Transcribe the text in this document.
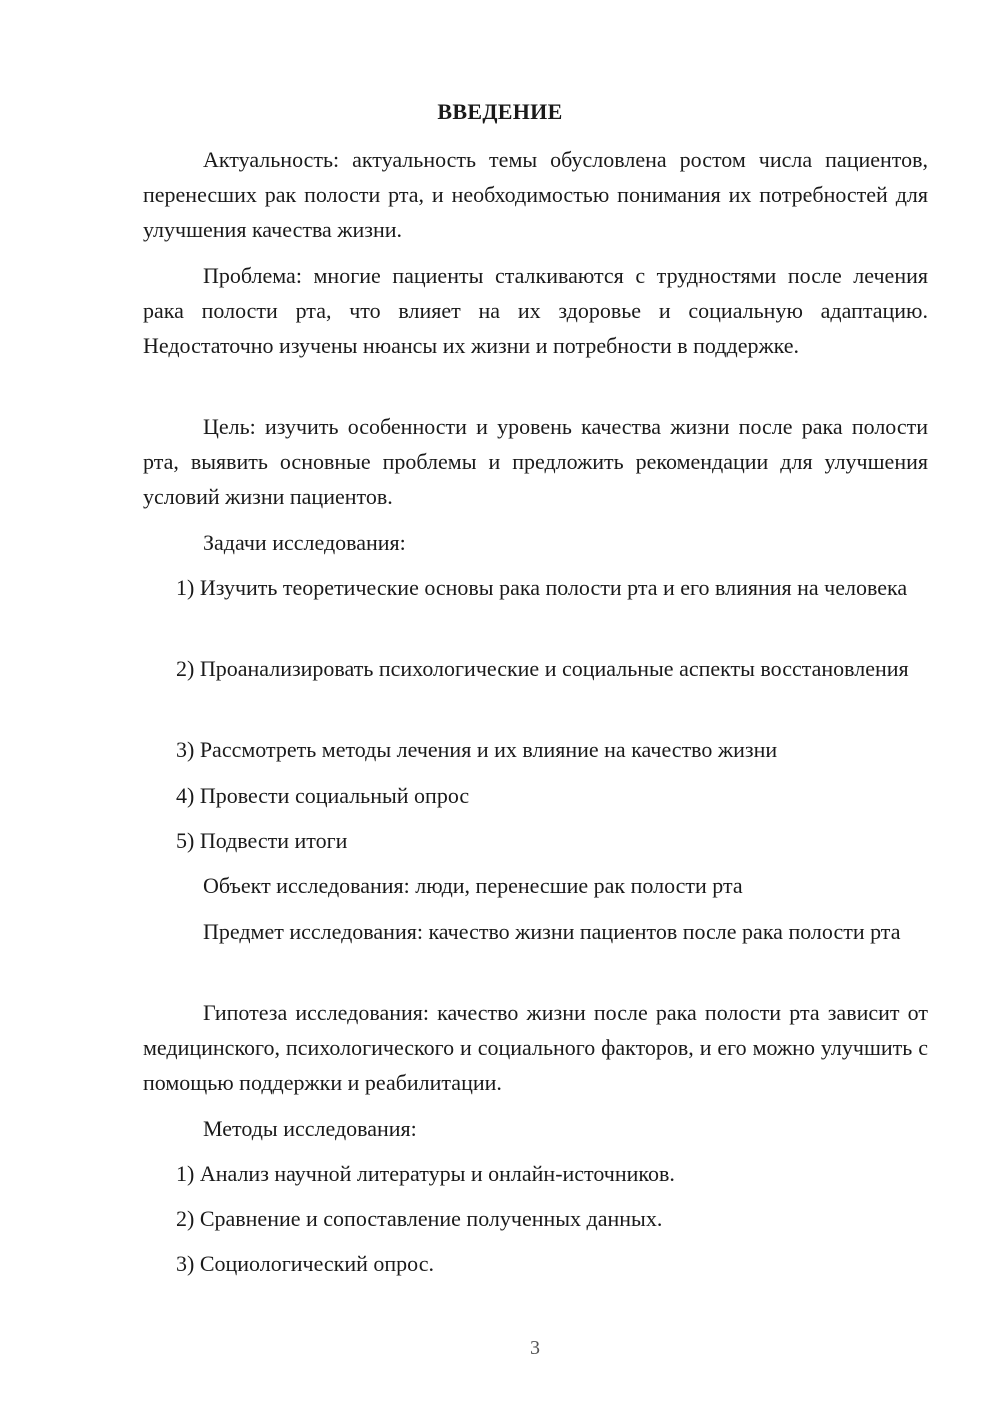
ВВЕДЕНИЕ

Актуальность: актуальность темы обусловлена ростом числа пациентов, перенесших рак полости рта, и необходимостью понимания их потребностей для улучшения качества жизни.

Проблема: многие пациенты сталкиваются с трудностями после лечения рака полости рта, что влияет на их здоровье и социальную адаптацию. Недостаточно изучены нюансы их жизни и потребности в поддержке.

Цель: изучить особенности и уровень качества жизни после рака полости рта, выявить основные проблемы и предложить рекомендации для улучшения условий жизни пациентов.

Задачи исследования:

1) Изучить теоретические основы рака полости рта и его влияния на человека

2) Проанализировать психологические и социальные аспекты восстановления

3) Рассмотреть методы лечения и их влияние на качество жизни

4) Провести социальный опрос

5) Подвести итоги

Объект исследования: люди, перенесшие рак полости рта

Предмет исследования: качество жизни пациентов после рака полости рта

Гипотеза исследования: качество жизни после рака полости рта зависит от медицинского, психологического и социального факторов, и его можно улучшить с помощью поддержки и реабилитации.

Методы исследования:

1) Анализ научной литературы и онлайн-источников.

2) Сравнение и сопоставление полученных данных.

3) Социологический опрос.

3
